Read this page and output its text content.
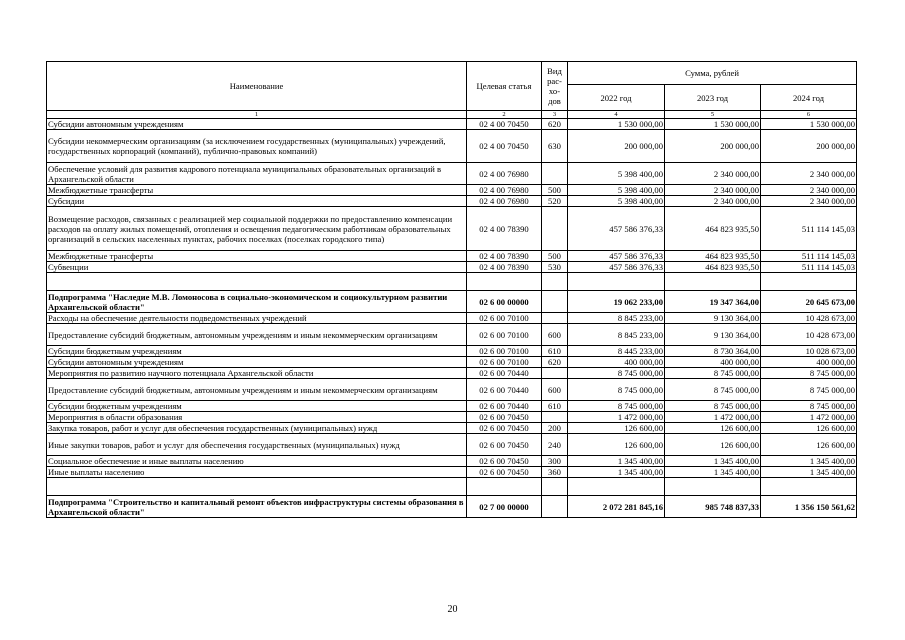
Наименование	Целевая статья	Вид рас-хо-дов	Сумма, рублей		
			2022 год	2023 год	2024 год
1	2	3	4	5	6
Субсидии автономным учреждениям	02 4 00 70450	620	1 530 000,00	1 530 000,00	1 530 000,00
Субсидии некоммерческим организациям (за исключением государственных (муниципальных) учреждений, государственных корпораций (компаний), публично-правовых компаний)	02 4 00 70450	630	200 000,00	200 000,00	200 000,00
Обеспечение условий для развития кадрового потенциала муниципальных образовательных организаций в Архангельской области	02 4 00 76980		5 398 400,00	2 340 000,00	2 340 000,00
Межбюджетные трансферты	02 4 00 76980	500	5 398 400,00	2 340 000,00	2 340 000,00
Субсидии	02 4 00 76980	520	5 398 400,00	2 340 000,00	2 340 000,00
Возмещение расходов, связанных с реализацией мер социальной поддержки по предоставлению компенсации расходов на оплату жилых помещений, отопления и освещения педагогическим работникам образовательных организаций в сельских населенных пунктах, рабочих поселках (поселках городского типа)	02 4 00 78390		457 586 376,33	464 823 935,50	511 114 145,03
Межбюджетные трансферты	02 4 00 78390	500	457 586 376,33	464 823 935,50	511 114 145,03
Субвенции	02 4 00 78390	530	457 586 376,33	464 823 935,50	511 114 145,03

Подпрограмма "Наследие М.В. Ломоносова в социально-экономическом и социокультурном развитии Архангельской области"	02 6 00 00000		19 062 233,00	19 347 364,00	20 645 673,00
Расходы на обеспечение деятельности подведомственных учреждений	02 6 00 70100		8 845 233,00	9 130 364,00	10 428 673,00
Предоставление субсидий бюджетным, автономным учреждениям и иным некоммерческим организациям	02 6 00 70100	600	8 845 233,00	9 130 364,00	10 428 673,00
Субсидии бюджетным учреждениям	02 6 00 70100	610	8 445 233,00	8 730 364,00	10 028 673,00
Субсидии автономным учреждениям	02 6 00 70100	620	400 000,00	400 000,00	400 000,00
Мероприятия по развитию научного потенциала Архангельской области	02 6 00 70440		8 745 000,00	8 745 000,00	8 745 000,00
Предоставление субсидий бюджетным, автономным учреждениям и иным некоммерческим организациям	02 6 00 70440	600	8 745 000,00	8 745 000,00	8 745 000,00
Субсидии бюджетным учреждениям	02 6 00 70440	610	8 745 000,00	8 745 000,00	8 745 000,00
Мероприятия в области образования	02 6 00 70450		1 472 000,00	1 472 000,00	1 472 000,00
Закупка товаров, работ и услуг для обеспечения государственных (муниципальных) нужд	02 6 00 70450	200	126 600,00	126 600,00	126 600,00
Иные закупки товаров, работ и услуг для обеспечения государственных (муниципальных) нужд	02 6 00 70450	240	126 600,00	126 600,00	126 600,00
Социальное обеспечение и иные выплаты населению	02 6 00 70450	300	1 345 400,00	1 345 400,00	1 345 400,00
Иные выплаты населению	02 6 00 70450	360	1 345 400,00	1 345 400,00	1 345 400,00

Подпрограмма "Строительство и капитальный ремонт объектов инфраструктуры системы образования в Архангельской области"	02 7 00 00000		2 072 281 845,16	985 748 837,33	1 356 150 561,62
20
